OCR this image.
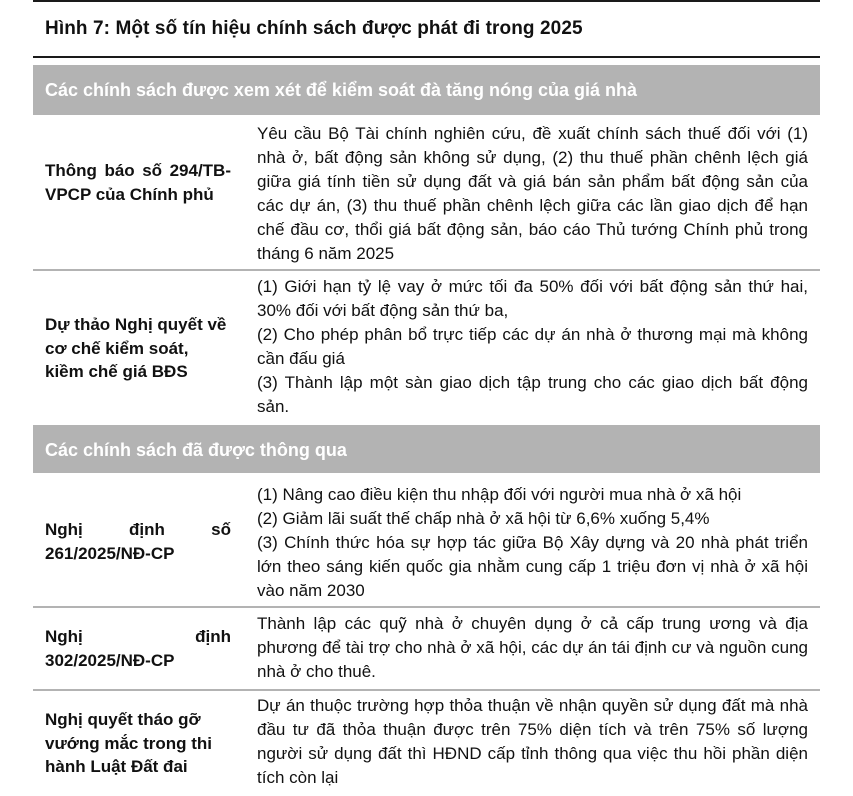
Hình 7: Một số tín hiệu chính sách được phát đi trong 2025
Các chính sách được xem xét để kiểm soát đà tăng nóng của giá nhà
Thông báo số 294/TB-VPCP của Chính phủ
Yêu cầu Bộ Tài chính nghiên cứu, đề xuất chính sách thuế đối với (1) nhà ở, bất động sản không sử dụng, (2) thu thuế phần chênh lệch giá giữa giá tính tiền sử dụng đất và giá bán sản phẩm bất động sản của các dự án, (3) thu thuế phần chênh lệch giữa các lần giao dịch để hạn chế đầu cơ, thổi giá bất động sản, báo cáo Thủ tướng Chính phủ trong tháng 6 năm 2025
Dự thảo Nghị quyết về cơ chế kiểm soát, kiềm chế giá BĐS
(1) Giới hạn tỷ lệ vay ở mức tối đa 50% đối với bất động sản thứ hai, 30% đối với bất động sản thứ ba,
(2) Cho phép phân bổ trực tiếp các dự án nhà ở thương mại mà không cần đấu giá
(3) Thành lập một sàn giao dịch tập trung cho các giao dịch bất động sản.
Các chính sách đã được thông qua
Nghị định số 261/2025/NĐ-CP
(1) Nâng cao điều kiện thu nhập đối với người mua nhà ở xã hội
(2) Giảm lãi suất thế chấp nhà ở xã hội từ 6,6% xuống 5,4%
(3) Chính thức hóa sự hợp tác giữa Bộ Xây dựng và 20 nhà phát triển lớn theo sáng kiến quốc gia nhằm cung cấp 1 triệu đơn vị nhà ở xã hội vào năm 2030
Nghị định 302/2025/NĐ-CP
Thành lập các quỹ nhà ở chuyên dụng ở cả cấp trung ương và địa phương để tài trợ cho nhà ở xã hội, các dự án tái định cư và nguồn cung nhà ở cho thuê.
Nghị quyết tháo gỡ vướng mắc trong thi hành Luật Đất đai
Dự án thuộc trường hợp thỏa thuận về nhận quyền sử dụng đất mà nhà đầu tư đã thỏa thuận được trên 75% diện tích và trên 75% số lượng người sử dụng đất thì HĐND cấp tỉnh thông qua việc thu hồi phần diện tích còn lại
